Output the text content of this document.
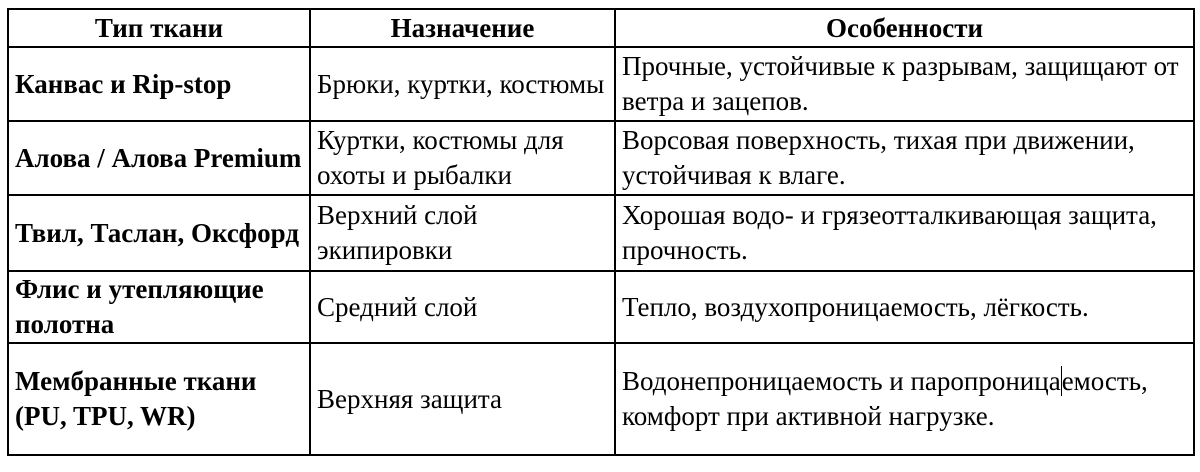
Тип ткани	Назначение	Особенности
Канвас и Rip-stop	Брюки, куртки, костюмы	Прочные, устойчивые к разрывам, защищают от ветра и зацепов.
Алова / Алова Premium	Куртки, костюмы для охоты и рыбалки	Ворсовая поверхность, тихая при движении, устойчивая к влаге.
Твил, Таслан, Оксфорд	Верхний слой экипировки	Хорошая водо- и грязеотталкивающая защита, прочность.
Флис и утепляющие полотна	Средний слой	Тепло, воздухопроницаемость, лёгкость.
Мембранные ткани (PU, TPU, WR)	Верхняя защита	Водонепроницаемость и паропроницаемость, комфорт при активной нагрузке.
